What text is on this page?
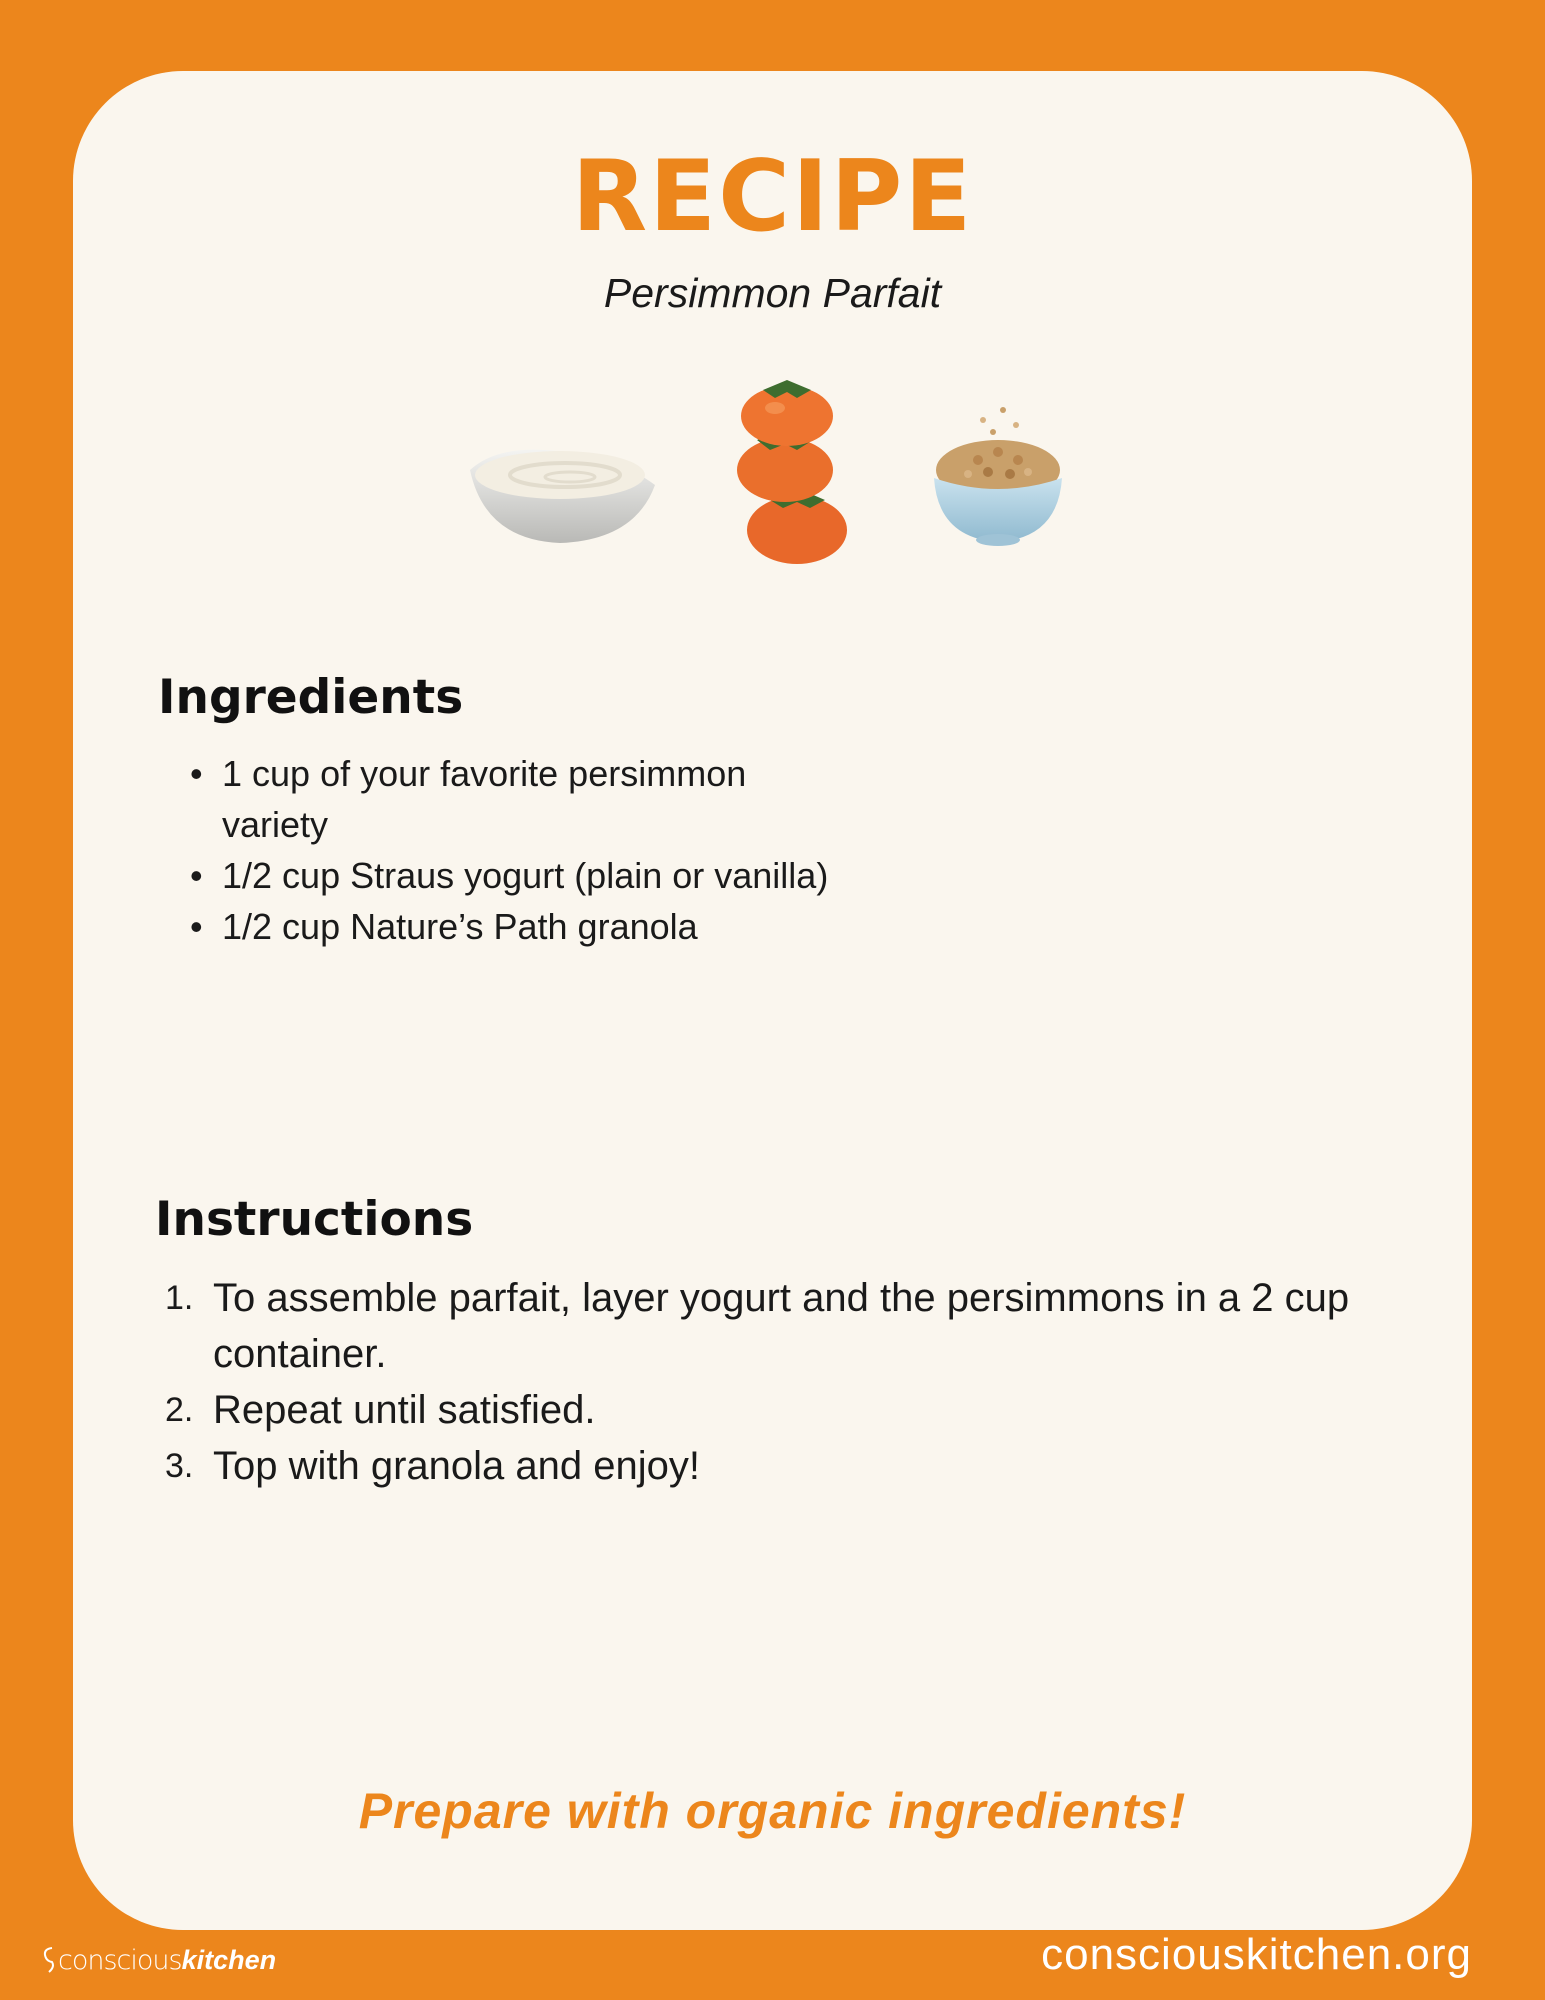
RECIPE

Persimmon Parfait

Ingredients
• 1 cup of your favorite persimmon variety
• 1/2 cup Straus yogurt (plain or vanilla)
• 1/2 cup Nature’s Path granola
Instructions
1. To assemble parfait, layer yogurt and the persimmons in a 2 cup container.
2. Repeat until satisfied.
3. Top with granola and enjoy!

Prepare with organic ingredients!

conscious kitchen	consciouskitchen.org
